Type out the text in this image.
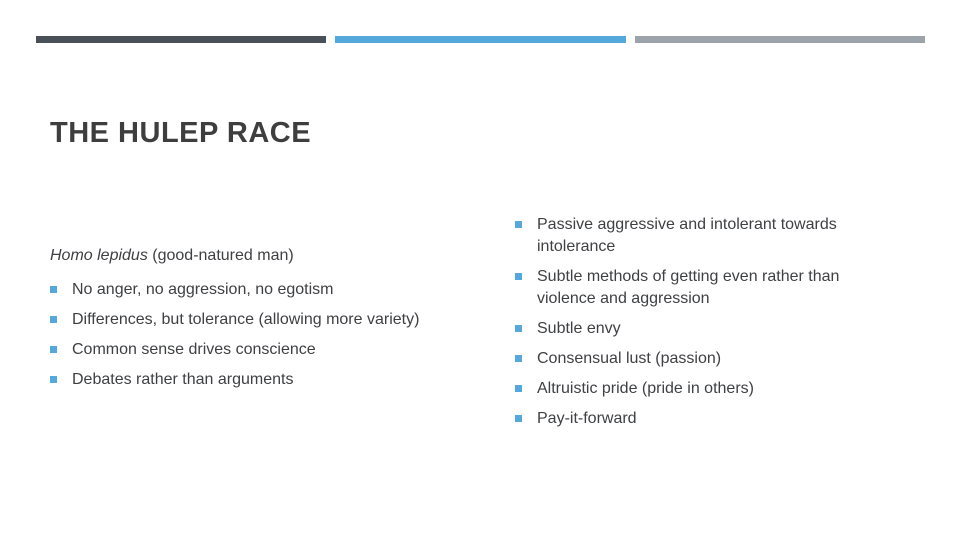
THE HULEP RACE

Homo lepidus (good-natured man)

No anger, no aggression, no egotism
Differences, but tolerance (allowing more variety)
Common sense drives conscience
Debates rather than arguments
Passive aggressive and intolerant towards intolerance
Subtle methods of getting even rather than violence and aggression
Subtle envy
Consensual lust (passion)
Altruistic pride (pride in others)
Pay-it-forward
